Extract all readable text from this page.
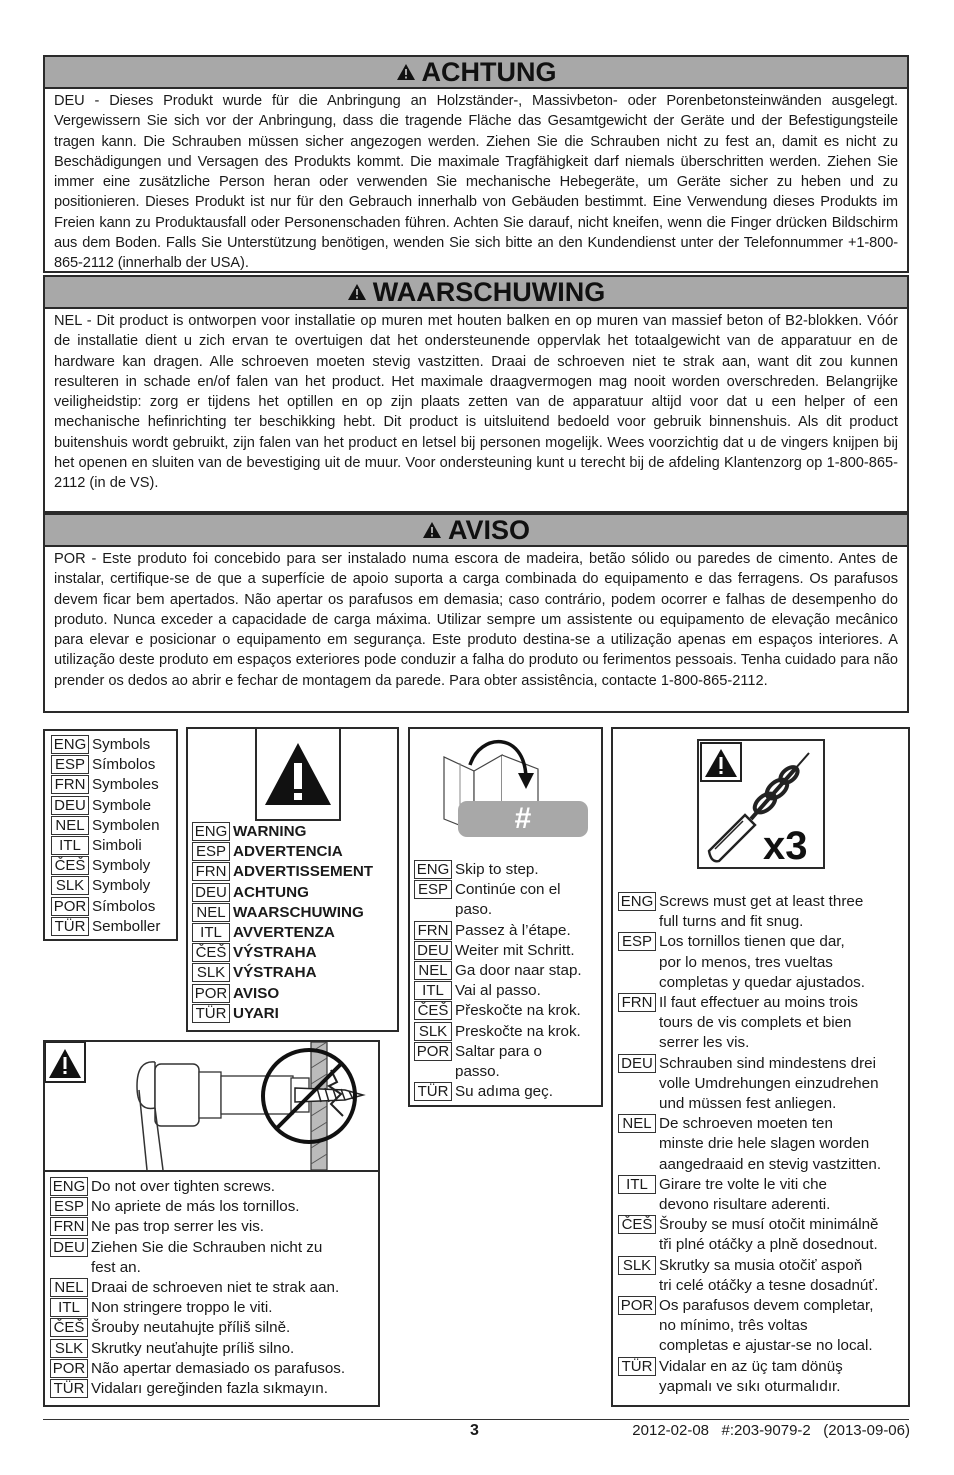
ACHTUNG
DEU - Dieses Produkt wurde für die Anbringung an Holzständer-, Massivbeton- oder Porenbetonsteinwänden ausgelegt. Vergewissern Sie sich vor der Anbringung, dass die tragende Fläche das Gesamtgewicht der Geräte und der Befestigungsteile tragen kann. Die Schrauben müssen sicher angezogen werden. Ziehen Sie die Schrauben nicht zu fest an, damit es nicht zu Beschädigungen und Versagen des Produkts kommt. Die maximale Tragfähigkeit darf niemals überschritten werden. Ziehen Sie immer eine zusätzliche Person heran oder verwenden Sie mechanische Hebegeräte, um Geräte sicher zu heben und zu positionieren. Dieses Produkt ist nur für den Gebrauch innerhalb von Gebäuden bestimmt. Eine Verwendung dieses Produkts im Freien kann zu Produktausfall oder Personenschaden führen. Achten Sie darauf, nicht kneifen, wenn die Finger drücken Bildschirm aus dem Boden. Falls Sie Unterstützung benötigen, wenden Sie sich bitte an den Kundendienst unter der Telefonnummer +1-800-865-2112 (innerhalb der USA).
WAARSCHUWING
NEL - Dit product is ontworpen voor installatie op muren met houten balken en op muren van massief beton of B2-blokken. Vóór de installatie dient u zich ervan te overtuigen dat het ondersteunende oppervlak het totaalgewicht van de apparatuur en de hardware kan dragen. Alle schroeven moeten stevig vastzitten. Draai de schroeven niet te strak aan, want dit zou kunnen resulteren in schade en/of falen van het product. Het maximale draagvermogen mag nooit worden overschreden. Belangrijke veiligheidstip: zorg er tijdens het optillen en op zijn plaats zetten van de apparatuur altijd voor dat u een helper of een mechanische hefinrichting ter beschikking hebt. Dit product is uitsluitend bedoeld voor gebruik binnenshuis. Als dit product buitenshuis wordt gebruikt, zijn falen van het product en letsel bij personen mogelijk. Wees voorzichtig dat u de vingers knijpen bij het openen en sluiten van de bevestiging uit de muur. Voor ondersteuning kunt u terecht bij de afdeling Klantenzorg op 1-800-865-2112 (in de VS).
AVISO
POR - Este produto foi concebido para ser instalado numa escora de madeira, betão sólido ou paredes de cimento. Antes de instalar, certifique-se de que a superfície de apoio suporta a carga combinada do equipamento e das ferragens. Os parafusos devem ficar bem apertados. Não apertar os parafusos em demasia; caso contrário, podem ocorrer e falhas de desempenho do produto. Nunca exceder a capacidade de carga máxima. Utilizar sempre um assistente ou equipamento de elevação mecânico para elevar e posicionar o equipamento em segurança. Este produto destina-se a utilização apenas em espaços interiores. A utilização deste produto em espaços exteriores pode conduzir a falha do produto ou ferimentos pessoais. Tenha cuidado para não prender os dedos ao abrir e fechar de montagem da parede. Para obter assistência, contacte 1-800-865-2112.
ENG Symbols
ESP Símbolos
FRN Symboles
DEU Symbole
NEL Symbolen
ITL Simboli
ČEŠ Symboly
SLK Symboly
POR Símbolos
TÜR Semboller
ENG WARNING
ESP ADVERTENCIA
FRN ADVERTISSEMENT
DEU ACHTUNG
NEL WAARSCHUWING
ITL AVVERTENZA
ČEŠ VÝSTRAHA
SLK VÝSTRAHA
POR AVISO
TÜR UYARI
#
ENG Skip to step.
ESP Continúe con el
paso.
FRN Passez à l’étape.
DEU Weiter mit Schritt.
NEL Ga door naar stap.
ITL Vai al passo.
ČEŠ Přeskočte na krok.
SLK Preskočte na krok.
POR Saltar para o
passo.
TÜR Su adıma geç.
x3
ENG Screws must get at least three
full turns and fit snug.
ESP Los tornillos tienen que dar,
por lo menos, tres vueltas
completas y quedar ajustados.
FRN Il faut effectuer au moins trois
tours de vis complets et bien
serrer les vis.
DEU Schrauben sind mindestens drei
volle Umdrehungen einzudrehen
und müssen fest anliegen.
NEL De schroeven moeten ten
minste drie hele slagen worden
aangedraaid en stevig vastzitten.
ITL Girare tre volte le viti che
devono risultare aderenti.
ČEŠ Šrouby se musí otočit minimálně
tři plné otáčky a plně dosednout.
SLK Skrutky sa musia otočiť aspoň
tri celé otáčky a tesne dosadnúť.
POR Os parafusos devem completar,
no mínimo, três voltas
completas e ajustar-se no local.
TÜR Vidalar en az üç tam dönüş
yapmalı ve sıkı oturmalıdır.
ENG Do not over tighten screws.
ESP No apriete de más los tornillos.
FRN Ne pas trop serrer les vis.
DEU Ziehen Sie die Schrauben nicht zu
fest an.
NEL Draai de schroeven niet te strak aan.
ITL Non stringere troppo le viti.
ČEŠ Šrouby neutahujte příliš silně.
SLK Skrutky neuťahujte príliš silno.
POR Não apertar demasiado os parafusos.
TÜR Vidaları gereğinden fazla sıkmayın.
3	2012-02-08   #:203-9079-2   (2013-09-06)
